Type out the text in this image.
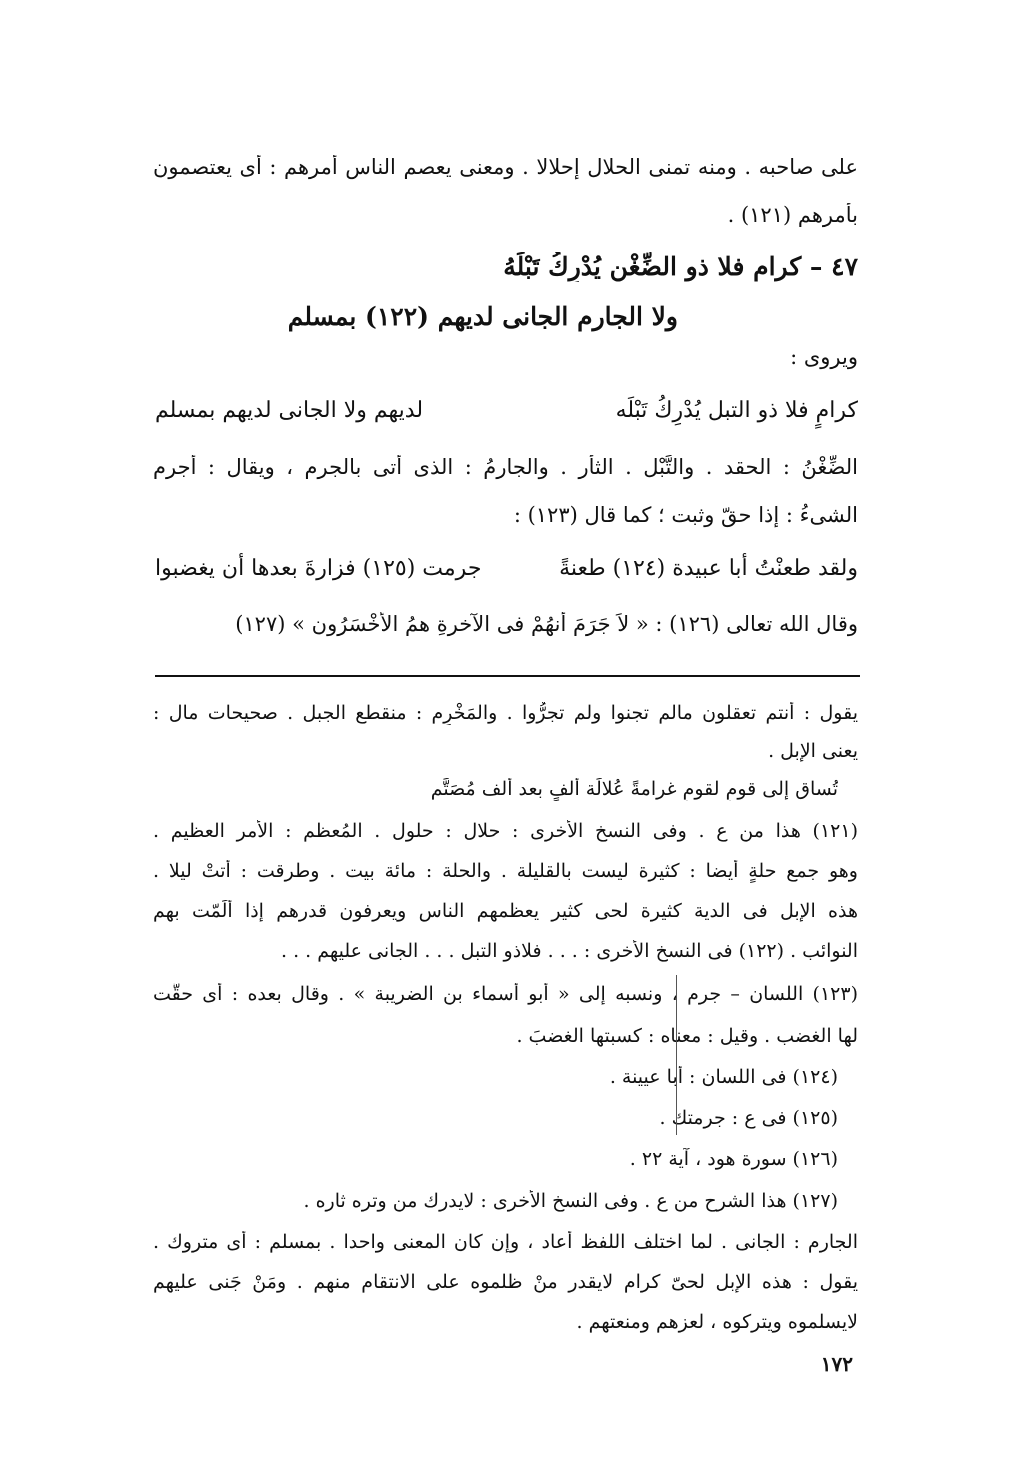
على صاحبه . ومنه تمنى الحلال إحلالا . ومعنى يعصم الناس أمرهم : أى يعتصمون
بأمرهم (١٢١) .
٤٧ – كرامٍ فلا ذو الضِّغْنِ يُدْرِكُ تَبْلَهُ
ولا الجارم الجانى لديهم (١٢٢) بمسلم
ويروى :
كرامٍ فلا ذو التبل يُدْرِكُ تَبْلَه
لديهم ولا الجانى لديهم بمسلم
الضِّغْنُ : الحقد . والتَّبْل . الثأر . والجارمُ : الذى أتى بالجرم ، ويقال : أجرم
الشىءُ : إذا حقّ وثبت ؛ كما قال (١٢٣) :
ولقد طعنْتُ أبا عبيدة (١٢٤) طعنةً
جرمت (١٢٥) فزارةَ بعدها أن يغضبوا
وقال الله تعالى (١٢٦) : « لاَ جَرَمَ أنهُمْ فى الآخرةِ همُ الأخْسَرُون » (١٢٧)
يقول : أنتم تعقلون مالم تجنوا ولم تجرُّوا . والمَخْرِم : منقطع الجبل . صحيحات مال :
يعنى الإبل .
تُساق إلى قومٍ لقومٍ غرامةً عُلالَة ألفٍ بعد ألف مُصَتَّم
(١٢١) هذا من ع . وفى النسخ الأخرى : حلال : حلول . المُعظم : الأمر العظيم .
وهو جمع حلةٍ أيضا : كثيرة ليست بالقليلة . والحلة : مائة بيت . وطرقت : أتتْ ليلا .
هذه الإبل فى الدية كثيرة لحى كثير يعظمهم الناس ويعرفون قدرهم إذا ألَمّت بهم
النوائب . (١٢٢) فى النسخ الأخرى : . . . فلاذو التبل . . . الجانى عليهم . . .
(١٢٣) اللسان – جرم ، ونسبه إلى « أبو أسماء بن الضريبة » . وقال بعده : أى حقَّت
لها الغضب . وقيل : معناه : كسبتها الغضبَ .
(١٢٤) فى اللسان : أبا عيينة .
(١٢٥) فى ع : جرمتك .
(١٢٦) سورة هود ، آية ٢٢ .
(١٢٧) هذا الشرح من ع . وفى النسخ الأخرى : لايدرك من وتره ثاره .
الجارم : الجانى . لما اختلف اللفظ أعاد ، وإن كان المعنى واحدا . بمسلم : أى متروك .
يقول : هذه الإبل لحىّ كرام لايقدر منْ ظلموه على الانتقام منهم . ومَنْ جَنى عليهم
لايسلموه ويتركوه ، لعزهم ومنعتهم .
١٧٢
